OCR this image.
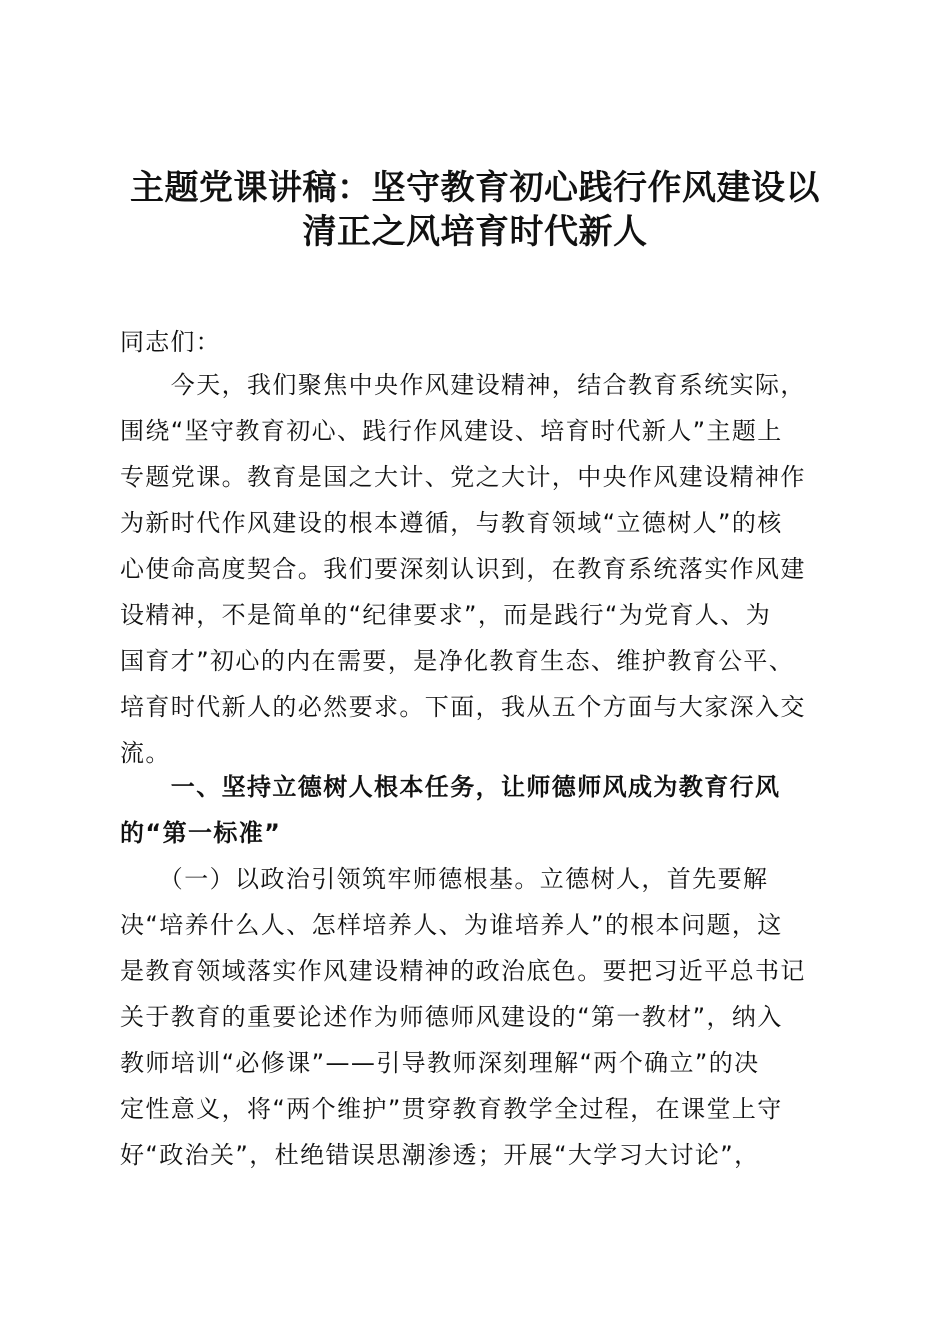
主题党课讲稿：坚守教育初心践行作风建设以
清正之风培育时代新人

同志们：

　　今天，我们聚焦中央作风建设精神，结合教育系统实际，
围绕“坚守教育初心、践行作风建设、培育时代新人”主题上
专题党课。教育是国之大计、党之大计，中央作风建设精神作
为新时代作风建设的根本遵循，与教育领域“立德树人”的核
心使命高度契合。我们要深刻认识到，在教育系统落实作风建
设精神，不是简单的“纪律要求”，而是践行“为党育人、为
国育才”初心的内在需要，是净化教育生态、维护教育公平、
培育时代新人的必然要求。下面，我从五个方面与大家深入交
流。
　　一、坚持立德树人根本任务，让师德师风成为教育行风
的“第一标准”
　　（一）以政治引领筑牢师德根基。立德树人，首先要解
决“培养什么人、怎样培养人、为谁培养人”的根本问题，这
是教育领域落实作风建设精神的政治底色。要把习近平总书记
关于教育的重要论述作为师德师风建设的“第一教材”，纳入
教师培训“必修课”——引导教师深刻理解“两个确立”的决
定性意义，将“两个维护”贯穿教育教学全过程，在课堂上守
好“政治关”，杜绝错误思潮渗透；开展“大学习大讨论”，
